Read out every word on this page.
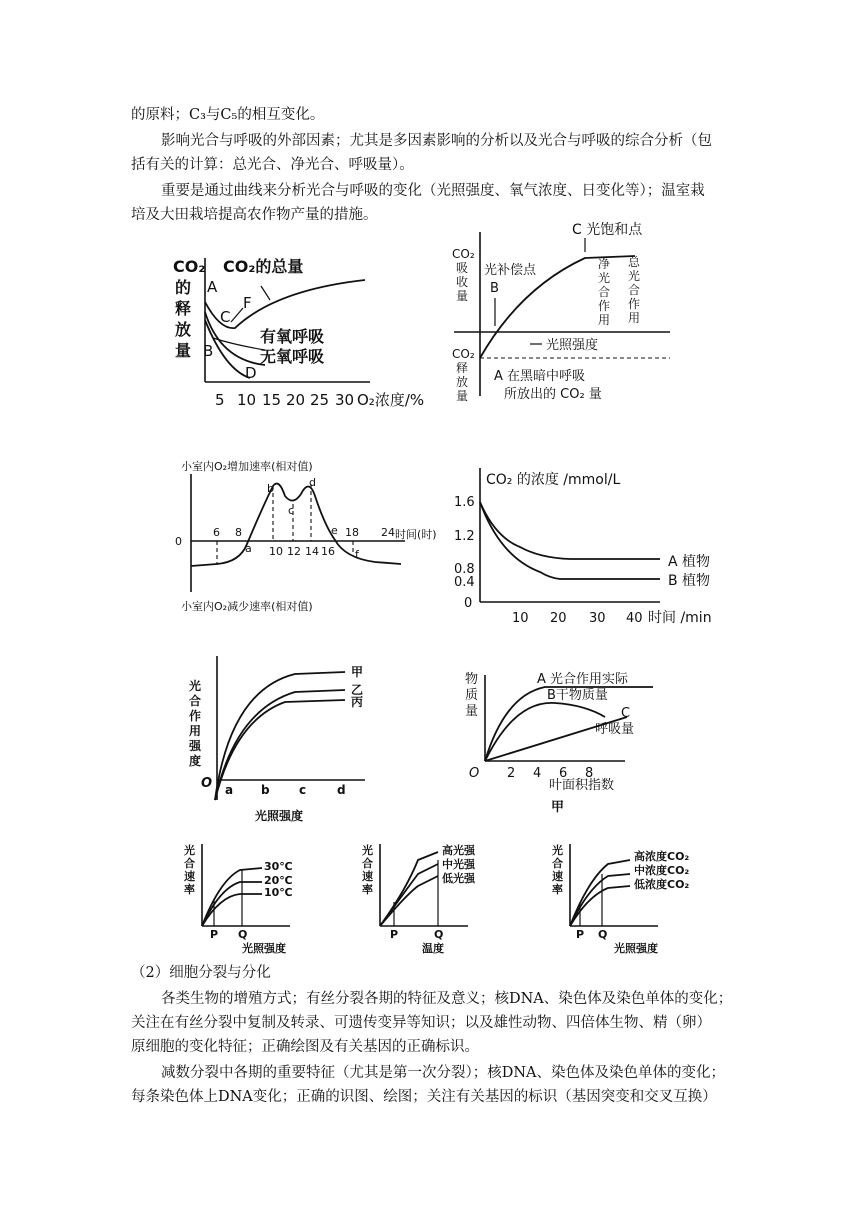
的原料；C₃与C₅的相互变化。
影响光合与呼吸的外部因素；尤其是多因素影响的分析以及光合与呼吸的综合分析（包
括有关的计算：总光合、净光合、呼吸量）。
重要是通过曲线来分析光合与呼吸的变化（光照强度、氧气浓度、日变化等）；温室栽
培及大田栽培提高农作物产量的措施。
CO₂
的
释
放
量
A
B
C
D
F
CO₂的总量
有氧呼吸
无氧呼吸
5 10 15 20 25 30 O₂浓度/%
C 光饱和点
CO₂
吸
收
量
光补偿点
B
净
光
合
作
用
总
光
合
作
用
光照强度
CO₂
释
放
量
A 在黑暗中呼吸
所放出的 CO₂ 量
小室内O₂增加速率(相对值)
0
6 8
10 12 14 16
18 24
a
b
c
d
e
f
时间(时)
小室内O₂减少速率(相对值)
CO₂ 的浓度 /mmol/L
1.6
1.2
0.8
0.4
0
10 20 30 40 时间 /min
A 植物
B 植物
光
合
作
用
强
度
甲
乙
丙
O a b c	d
光照强度
物
质
量
A 光合作用实际
B干物质量
C
呼吸量
O 2 4 6 8
叶面积指数
甲
光
合
速
率
30℃
20℃
10℃
P Q
光照强度
光
合
速
率
高光强
中光强
低光强
P	Q
温度
光
合
速
率
高浓度CO₂
中浓度CO₂
低浓度CO₂
P Q
光照强度
（2）细胞分裂与分化
各类生物的增殖方式；有丝分裂各期的特征及意义；核DNA、染色体及染色单体的变化；
关注在有丝分裂中复制及转录、可遗传变异等知识；以及雄性动物、四倍体生物、精（卵）
原细胞的变化特征；正确绘图及有关基因的正确标识。
减数分裂中各期的重要特征（尤其是第一次分裂）；核DNA、染色体及染色单体的变化；
每条染色体上DNA变化；正确的识图、绘图；关注有关基因的标识（基因突变和交叉互换）
